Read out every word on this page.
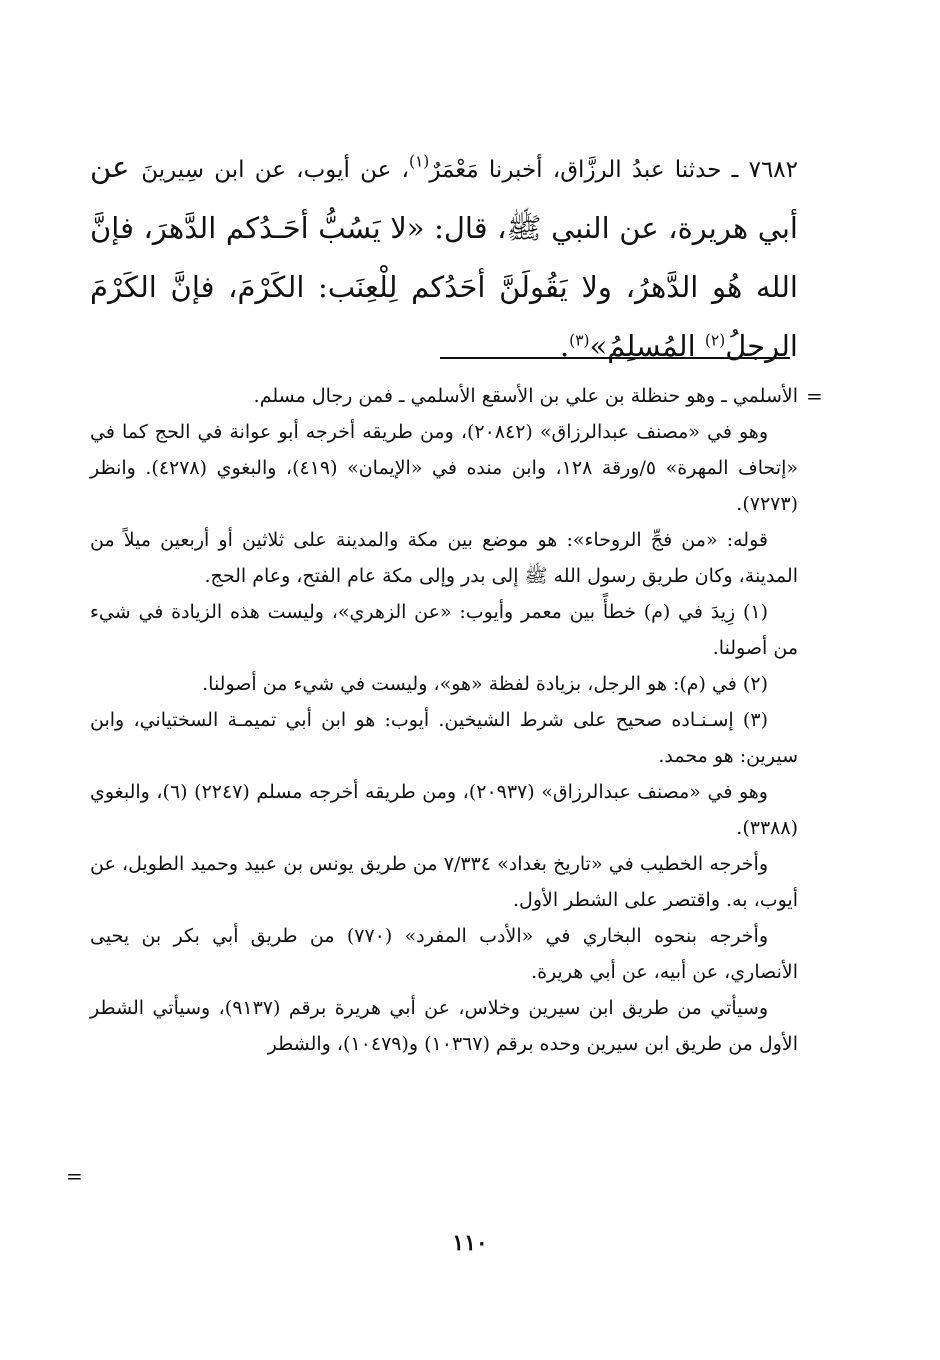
٧٦٨٢ ـ حدثنا عبدُ الرزَّاق، أخبرنا مَعْمَرٌ$^{(١)}$، عن أيوب، عن ابن سِيرينَ عن أبي هريرة، عن النبي ﷺ، قال: «لا يَسُبُّ أحَـدُكم الدَّهرَ، فإنَّ الله هُو الدَّهرُ، ولا يَقُولَنَّ أحَدُكم لِلْعِنَب: الكَرْمَ، فإنَّ الكَرْمَ الرجلُ$^{(٢)}$ المُسلِمُ»$^{(٣)}$.

=

الأسلمي ـ وهو حنظلة بن علي بن الأسقع الأسلمي ـ فمن رجال مسلم.

وهو في «مصنف عبدالرزاق» (٢٠٨٤٢)، ومن طريقه أخرجه أبو عوانة في الحج كما في «إتحاف المهرة» ٥/ورقة ١٢٨، وابن منده في «الإيمان» (٤١٩)، والبغوي (٤٢٧٨). وانظر (٧٢٧٣).

قوله: «من فجِّ الروحاء»: هو موضع بين مكة والمدينة على ثلاثين أو أربعين ميلاً من المدينة، وكان طريق رسول الله ﷺ إلى بدر وإلى مكة عام الفتح، وعام الحج.

(١) زِيدَ في (م) خطأً بين معمر وأيوب: «عن الزهري»، وليست هذه الزيادة في شيء من أصولنا.

(٢) في (م): هو الرجل، بزيادة لفظة «هو»، وليست في شيء من أصولنا.

(٣) إسـنـاده صحيح على شرط الشيخين. أيوب: هو ابن أبي تميمـة السختياني، وابن سيرين: هو محمد.

وهو في «مصنف عبدالرزاق» (٢٠٩٣٧)، ومن طريقه أخرجه مسلم (٢٢٤٧) (٦)، والبغوي (٣٣٨٨).

وأخرجه الخطيب في «تاريخ بغداد» ٧/٣٣٤ من طريق يونس بن عبيد وحميد الطويل، عن أيوب، به. واقتصر على الشطر الأول.

وأخرجه بنحوه البخاري في «الأدب المفرد» (٧٧٠) من طريق أبي بكر بن يحيى الأنصاري، عن أبيه، عن أبي هريرة.

وسيأتي من طريق ابن سيرين وخلاس، عن أبي هريرة برقم (٩١٣٧)، وسيأتي الشطر الأول من طريق ابن سيرين وحده برقم (١٠٣٦٧) و(١٠٤٧٩)، والشطر

=
١١٠
